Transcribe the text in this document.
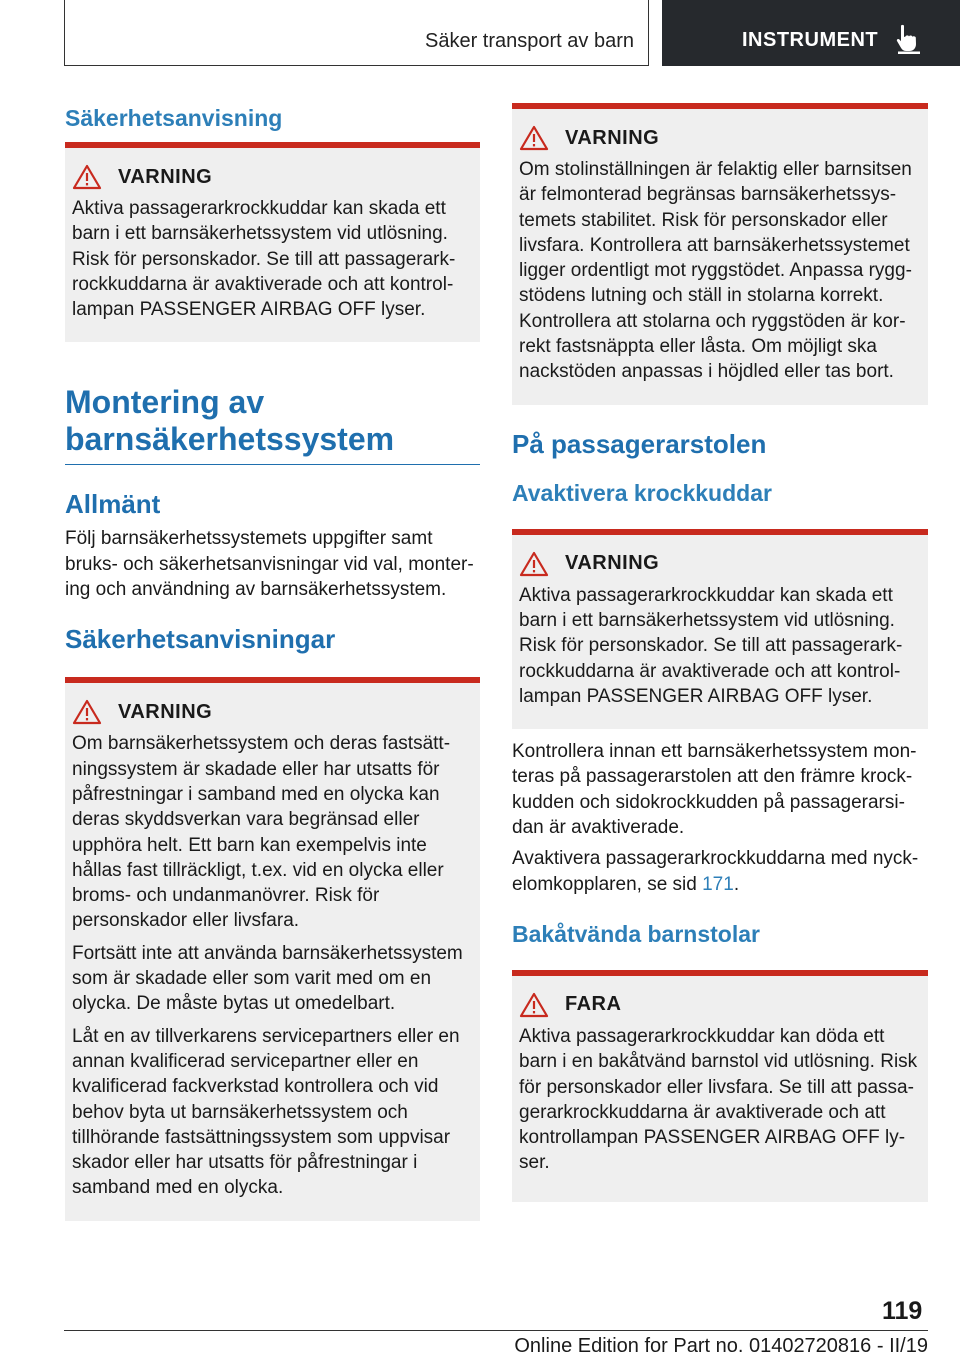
Säker transport av barn	INSTRUMENT
Säkerhetsanvisning
VARNING

Aktiva passagerarkrockkuddar kan skada ett barn i ett barnsäkerhetssystem vid utlösning. Risk för personskador. Se till att passagerarkrockkuddarna är avaktiverade och att kontrollampan PASSENGER AIRBAG OFF lyser.

Montering av barnsäkerhetssystem
Allmänt

Följ barnsäkerhetssystemets uppgifter samt bruks- och säkerhetsanvisningar vid val, montering och användning av barnsäkerhetssystem.

Säkerhetsanvisningar
VARNING

Om barnsäkerhetssystem och deras fastsättningssystem är skadade eller har utsatts för påfrestningar i samband med en olycka kan deras skyddsverkan vara begränsad eller upphöra helt. Ett barn kan exempelvis inte hållas fast tillräckligt, t.ex. vid en olycka eller broms- och undanmanövrer. Risk för personskador eller livsfara.

Fortsätt inte att använda barnsäkerhetssystem som är skadade eller som varit med om en olycka. De måste bytas ut omedelbart.

Låt en av tillverkarens servicepartners eller en annan kvalificerad servicepartner eller en kvalificerad fackverkstad kontrollera och vid behov byta ut barnsäkerhetssystem och tillhörande fastsättningssystem som uppvisar skador eller har utsatts för påfrestningar i samband med en olycka.

VARNING

Om stolinställningen är felaktig eller barnsitsen är felmonterad begränsas barnsäkerhetssystemets stabilitet. Risk för personskador eller livsfara. Kontrollera att barnsäkerhetssystemet ligger ordentligt mot ryggstödet. Anpassa ryggstödens lutning och ställ in stolarna korrekt. Kontrollera att stolarna och ryggstöden är korrekt fastsnäppta eller låsta. Om möjligt ska nackstöden anpassas i höjdled eller tas bort.

På passagerarstolen
Avaktivera krockkuddar
VARNING

Aktiva passagerarkrockkuddar kan skada ett barn i ett barnsäkerhetssystem vid utlösning. Risk för personskador. Se till att passagerarkrockkuddarna är avaktiverade och att kontrollampan PASSENGER AIRBAG OFF lyser.

Kontrollera innan ett barnsäkerhetssystem monteras på passagerarstolen att den främre krockkudden och sidokrockkudden på passagerarsidan är avaktiverade.

Avaktivera passagerarkrockkuddarna med nyckelomkopplaren, se sid 171.

Bakåtvända barnstolar
FARA

Aktiva passagerarkrockkuddar kan döda ett barn i en bakåtvänd barnstol vid utlösning. Risk för personskador eller livsfara. Se till att passagerarkrockkuddarna är avaktiverade och att kontrollampan PASSENGER AIRBAG OFF lyser.

119
Online Edition for Part no. 01402720816 - II/19
